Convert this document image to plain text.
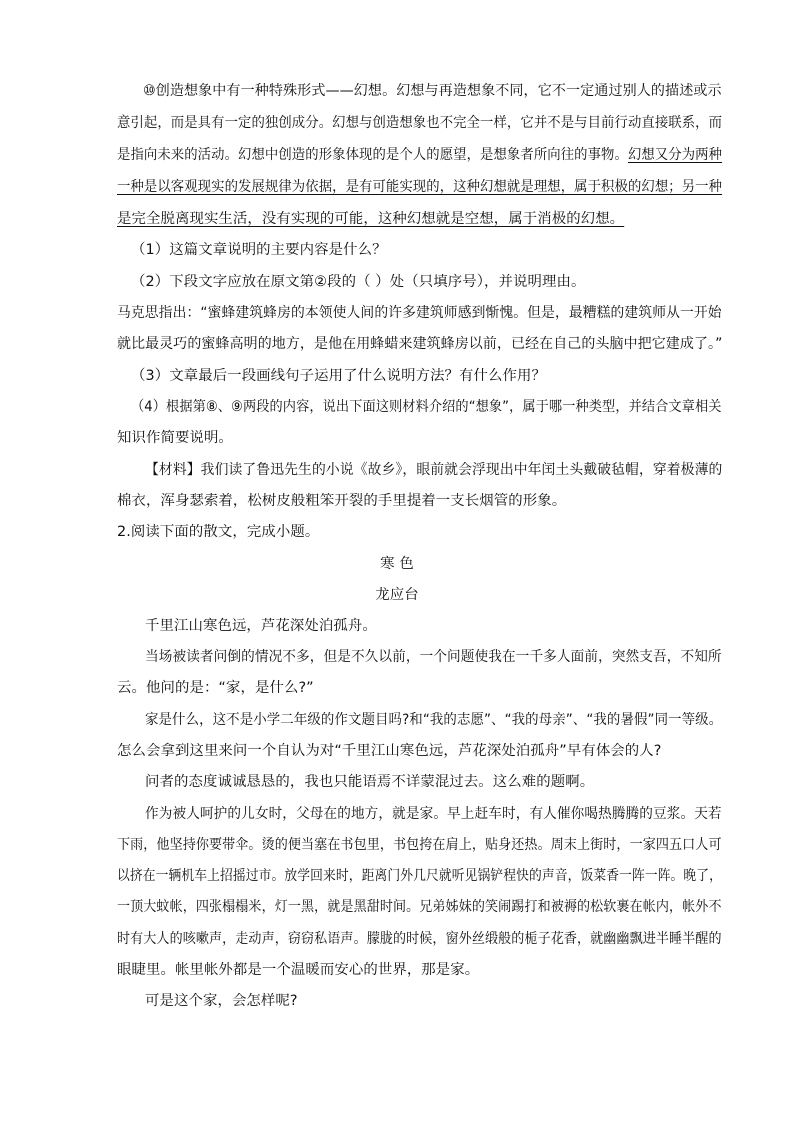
⑩创造想象中有一种特殊形式——幻想。幻想与再造想象不同，它不一定通过别人的描述或示
意引起，而是具有一定的独创成分。幻想与创造想象也不完全一样，它并不是与目前行动直接联系，而
是指向未来的活动。幻想中创造的形象体现的是个人的愿望，是想象者所向往的事物。幻想又分为两种
一种是以客观现实的发展规律为依据，是有可能实现的，这种幻想就是理想，属于积极的幻想；另一种
是完全脱离现实生活，没有实现的可能，这种幻想就是空想，属于消极的幻想。
（1）这篇文章说明的主要内容是什么？
（2）下段文字应放在原文第②段的（ ）处（只填序号），并说明理由。
马克思指出：“蜜蜂建筑蜂房的本领使人间的许多建筑师感到惭愧。但是，最糟糕的建筑师从一开始
就比最灵巧的蜜蜂高明的地方，是他在用蜂蜡来建筑蜂房以前，已经在自己的头脑中把它建成了。”
（3）文章最后一段画线句子运用了什么说明方法？有什么作用？
（4）根据第⑧、⑨两段的内容，说出下面这则材料介绍的“想象”，属于哪一种类型，并结合文章相关
知识作简要说明。
【材料】我们读了鲁迅先生的小说《故乡》，眼前就会浮现出中年闰土头戴破毡帽，穿着极薄的
棉衣，浑身瑟索着，松树皮般粗笨开裂的手里提着一支长烟管的形象。
2.阅读下面的散文，完成小题。
寒 色
龙应台
千里江山寒色远，芦花深处泊孤舟。
当场被读者问倒的情况不多，但是不久以前，一个问题使我在一千多人面前，突然支吾，不知所
云。他问的是：“家，是什么?”
家是什么，这不是小学二年级的作文题目吗?和“我的志愿”、“我的母亲”、“我的暑假”同一等级。
怎么会拿到这里来问一个自认为对“千里江山寒色远，芦花深处泊孤舟”早有体会的人?
问者的态度诚诚恳恳的，我也只能语焉不详蒙混过去。这么难的题啊。
作为被人呵护的儿女时，父母在的地方，就是家。早上赶车时，有人催你喝热腾腾的豆浆。天若
下雨，他坚持你要带伞。烫的便当塞在书包里，书包挎在肩上，贴身还热。周末上街时，一家四五口人可
以挤在一辆机车上招摇过市。放学回来时，距离门外几尺就听见锅铲程快的声音，饭菜香一阵一阵。晚了，
一顶大蚊帐，四张榻榻米，灯一黑，就是黑甜时间。兄弟姊妹的笑闹踢打和被褥的松软裹在帐内，帐外不
时有大人的咳嗽声，走动声，窃窃私语声。朦胧的时候，窗外丝缎般的栀子花香，就幽幽飘进半睡半醒的
眼睫里。帐里帐外都是一个温暖而安心的世界，那是家。
可是这个家，会怎样呢?
